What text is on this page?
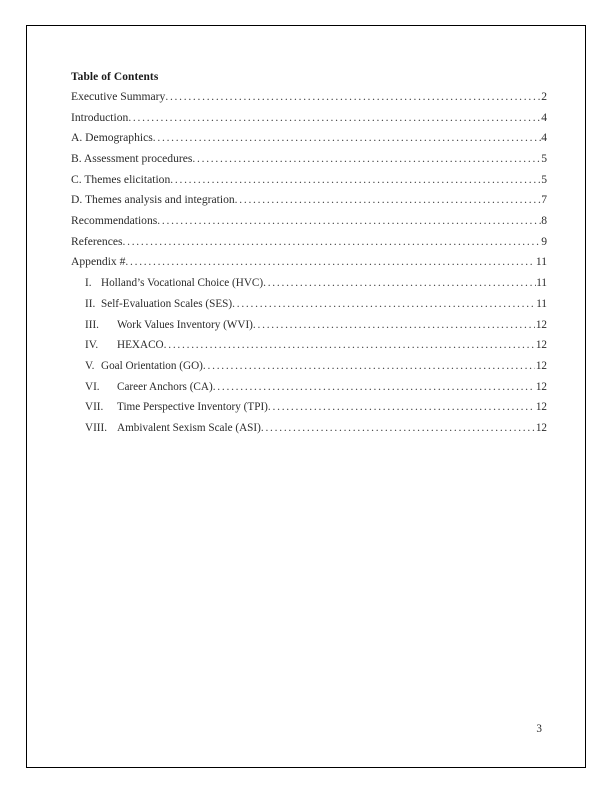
Table of Contents
Executive Summary . . .	2
Introduction . . .	4
A. Demographics . . .	4
B. Assessment procedures . . .	5
C. Themes elicitation . . .	5
D. Themes analysis and integration . . .	7
Recommendations . . .	8
References . . .	9
Appendix # . . .	11
I. Holland’s Vocational Choice (HVC) . . .	11
II. Self-Evaluation Scales (SES) . . .	11
III.	Work Values Inventory (WVI) . . .	12
IV.	HEXACO . . .	12
V. Goal Orientation (GO) . . .	12
VI.	Career Anchors (CA) . . .	12
VII.	Time Perspective Inventory (TPI) . . .	12
VIII. Ambivalent Sexism Scale (ASI) . . .	12
3
